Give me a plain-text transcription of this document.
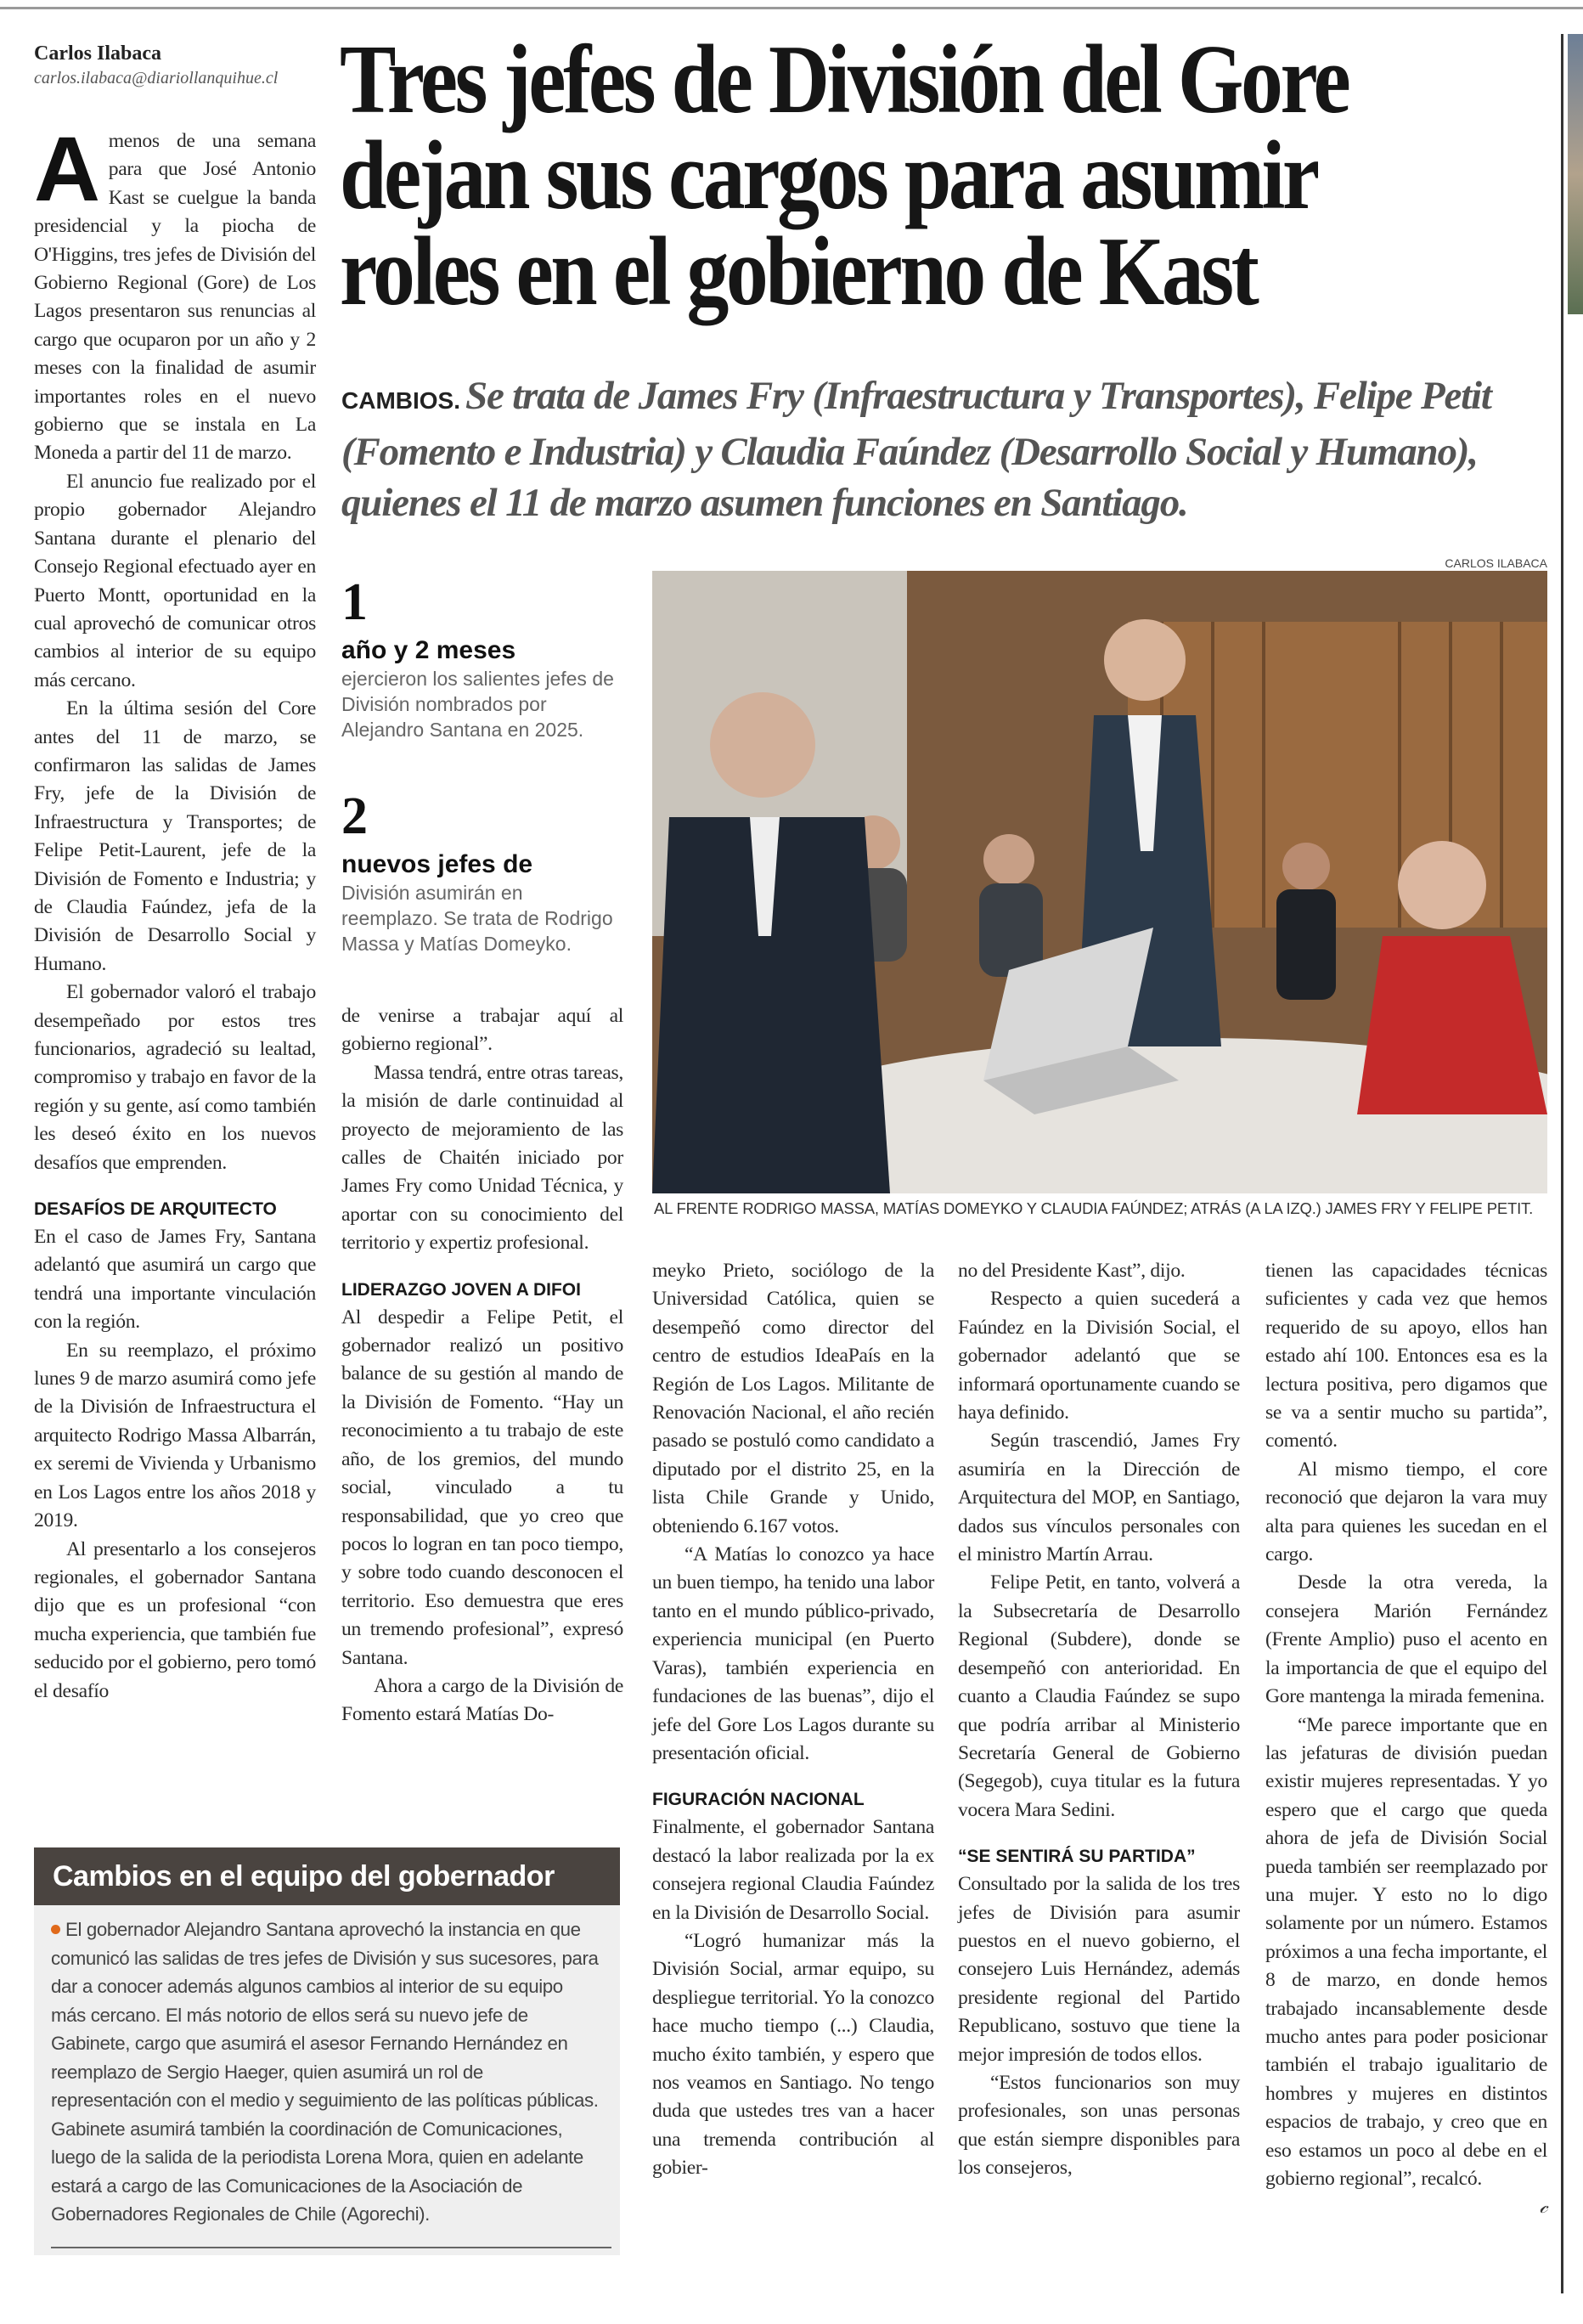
Carlos Ilabaca
carlos.ilabaca@diariollanquihue.cl Tres jefes de División del Gore
dejan sus cargos para asumir
roles en el gobierno de Kast
CAMBIOS. Se trata de James Fry (Infraestructura y Transportes), Felipe Petit (Fomento e Industria) y Claudia Faúndez (Desarrollo Social y Humano), quienes el 11 de marzo asumen funciones en Santiago.
A menos de una semana para que José Antonio Kast se cuelgue la banda presidencial y la piocha de O'Higgins, tres jefes de División del Gobierno Regional (Gore) de Los Lagos presentaron sus renuncias al cargo que ocuparon por un año y 2 meses con la finalidad de asumir importantes roles en el nuevo gobierno que se instala en La Moneda a partir del 11 de marzo.

El anuncio fue realizado por el propio gobernador Alejandro Santana durante el plenario del Consejo Regional efectuado ayer en Puerto Montt, oportunidad en la cual aprovechó de comunicar otros cambios al interior de su equipo más cercano.

En la última sesión del Core antes del 11 de marzo, se confirmaron las salidas de James Fry, jefe de la División de Infraestructura y Transportes; de Felipe Petit-Laurent, jefe de la División de Fomento e Industria; y de Claudia Faúndez, jefa de la División de Desarrollo Social y Humano.

El gobernador valoró el trabajo desempeñado por estos tres funcionarios, agradeció su lealtad, compromiso y trabajo en favor de la región y su gente, así como también les deseó éxito en los nuevos desafíos que emprenden.

DESAFÍOS DE ARQUITECTO

En el caso de James Fry, Santana adelantó que asumirá un cargo que tendrá una importante vinculación con la región.

En su reemplazo, el próximo lunes 9 de marzo asumirá como jefe de la División de Infraestructura el arquitecto Rodrigo Massa Albarrán, ex seremi de Vivienda y Urbanismo en Los Lagos entre los años 2018 y 2019.

Al presentarlo a los consejeros regionales, el gobernador Santana dijo que es un profesional “con mucha experiencia, que también fue seducido por el gobierno, pero tomó el desafío

1
año y 2 meses
ejercieron los salientes jefes de División nombrados por Alejandro Santana en 2025.
2
nuevos jefes de
División asumirán en reemplazo. Se trata de Rodrigo Massa y Matías Domeyko.

de venirse a trabajar aquí al gobierno regional”.

Massa tendrá, entre otras tareas, la misión de darle continuidad al proyecto de mejoramiento de las calles de Chaitén iniciado por James Fry como Unidad Técnica, y aportar con su conocimiento del territorio y expertiz profesional.

LIDERAZGO JOVEN A DIFOI

Al despedir a Felipe Petit, el gobernador realizó un positivo balance de su gestión al mando de la División de Fomento. “Hay un reconocimiento a tu trabajo de este año, de los gremios, del mundo social, vinculado a tu responsabilidad, que yo creo que pocos lo logran en tan poco tiempo, y sobre todo cuando desconocen el territorio. Eso demuestra que eres un tremendo profesional”, expresó Santana.

Ahora a cargo de la División de Fomento estará Matías Do-

CARLOS ILABACA
AL FRENTE RODRIGO MASSA, MATÍAS DOMEYKO Y CLAUDIA FAÚNDEZ; ATRÁS (A LA IZQ.) JAMES FRY Y FELIPE PETIT.

meyko Prieto, sociólogo de la Universidad Católica, quien se desempeñó como director del centro de estudios IdeaPaís en la Región de Los Lagos. Militante de Renovación Nacional, el año recién pasado se postuló como candidato a diputado por el distrito 25, en la lista Chile Grande y Unido, obteniendo 6.167 votos.

“A Matías lo conozco ya hace un buen tiempo, ha tenido una labor tanto en el mundo público-privado, experiencia municipal (en Puerto Varas), también experiencia en fundaciones de las buenas”, dijo el jefe del Gore Los Lagos durante su presentación oficial.

FIGURACIÓN NACIONAL

Finalmente, el gobernador Santana destacó la labor realizada por la ex consejera regional Claudia Faúndez en la División de Desarrollo Social.

“Logró humanizar más la División Social, armar equipo, su despliegue territorial. Yo la conozco hace mucho tiempo (...) Claudia, mucho éxito también, y espero que nos veamos en Santiago. No tengo duda que ustedes tres van a hacer una tremenda contribución al gobier-

no del Presidente Kast”, dijo.

Respecto a quien sucederá a Faúndez en la División Social, el gobernador adelantó que se informará oportunamente cuando se haya definido.

Según trascendió, James Fry asumiría en la Dirección de Arquitectura del MOP, en Santiago, dados sus vínculos personales con el ministro Martín Arrau.

Felipe Petit, en tanto, volverá a la Subsecretaría de Desarrollo Regional (Subdere), donde se desempeñó con anterioridad. En cuanto a Claudia Faúndez se supo que podría arribar al Ministerio Secretaría General de Gobierno (Segegob), cuya titular es la futura vocera Mara Sedini.

“SE SENTIRÁ SU PARTIDA”

Consultado por la salida de los tres jefes de División para asumir puestos en el nuevo gobierno, el consejero Luis Hernández, además presidente regional del Partido Republicano, sostuvo que tiene la mejor impresión de todos ellos.

“Estos funcionarios son muy profesionales, son unas personas que están siempre disponibles para los consejeros,

tienen las capacidades técnicas suficientes y cada vez que hemos requerido de su apoyo, ellos han estado ahí 100. Entonces esa es la lectura positiva, pero digamos que se va a sentir mucho su partida”, comentó.

Al mismo tiempo, el core reconoció que dejaron la vara muy alta para quienes les sucedan en el cargo.

Desde la otra vereda, la consejera Marión Fernández (Frente Amplio) puso el acento en la importancia de que el equipo del Gore mantenga la mirada femenina.

“Me parece importante que en las jefaturas de división puedan existir mujeres representadas. Y yo espero que el cargo que queda ahora de jefa de División Social pueda también ser reemplazado por una mujer. Y esto no lo digo solamente por un número. Estamos próximos a una fecha importante, el 8 de marzo, en donde hemos trabajado incansablemente desde mucho antes para poder posicionar también el trabajo igualitario de hombres y mujeres en distintos espacios de trabajo, y creo que en eso estamos un poco al debe en el gobierno regional”, recalcó.

𝒸
Cambios en el equipo del gobernador
El gobernador Alejandro Santana aprovechó la instancia en que comunicó las salidas de tres jefes de División y sus sucesores, para dar a conocer además algunos cambios al interior de su equipo más cercano. El más notorio de ellos será su nuevo jefe de Gabinete, cargo que asumirá el asesor Fernando Hernández en reemplazo de Sergio Haeger, quien asumirá un rol de representación con el medio y seguimiento de las políticas públicas. Gabinete asumirá también la coordinación de Comunicaciones, luego de la salida de la periodista Lorena Mora, quien en adelante estará a cargo de las Comunicaciones de la Asociación de Gobernadores Regionales de Chile (Agorechi).
